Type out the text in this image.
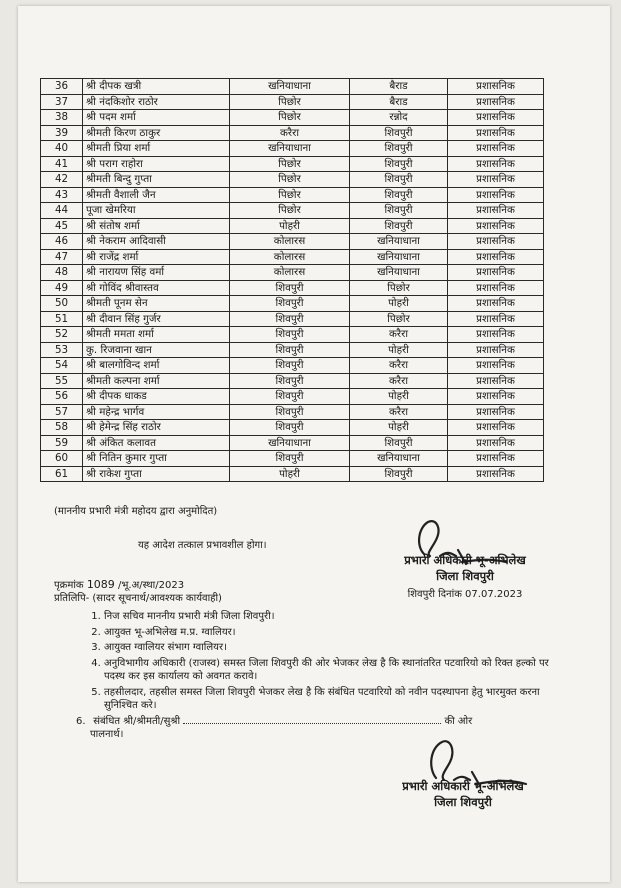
36	श्री दीपक खत्री	खनियाधाना	बैराड	प्रशासनिक
37	श्री नंदकिशोर राठोर	पिछोर	बैराड	प्रशासनिक
38	श्री पदम शर्मा	पिछोर	रन्नोद	प्रशासनिक
39	श्रीमती किरण ठाकुर	करैरा	शिवपुरी	प्रशासनिक
40	श्रीमती प्रिया शर्मा	खनियाधाना	शिवपुरी	प्रशासनिक
41	श्री पराग राहोरा	पिछोर	शिवपुरी	प्रशासनिक
42	श्रीमती बिन्दु गुप्ता	पिछोर	शिवपुरी	प्रशासनिक
43	श्रीमती वैशाली जैन	पिछोर	शिवपुरी	प्रशासनिक
44	पूजा खेमरिया	पिछोर	शिवपुरी	प्रशासनिक
45	श्री संतोष शर्मा	पोहरी	शिवपुरी	प्रशासनिक
46	श्री नेकराम आदिवासी	कोलारस	खनियाधाना	प्रशासनिक
47	श्री राजेंद्र शर्मा	कोलारस	खनियाधाना	प्रशासनिक
48	श्री नारायण सिंह वर्मा	कोलारस	खनियाधाना	प्रशासनिक
49	श्री गोविंद श्रीवास्तव	शिवपुरी	पिछोर	प्रशासनिक
50	श्रीमती पूनम सेन	शिवपुरी	पोहरी	प्रशासनिक
51	श्री दीवान सिंह गुर्जर	शिवपुरी	पिछोर	प्रशासनिक
52	श्रीमती ममता शर्मा	शिवपुरी	करैरा	प्रशासनिक
53	कु. रिजवाना खान	शिवपुरी	पोहरी	प्रशासनिक
54	श्री बालगोविन्द शर्मा	शिवपुरी	करैरा	प्रशासनिक
55	श्रीमती कल्पना शर्मा	शिवपुरी	करैरा	प्रशासनिक
56	श्री दीपक धाकड	शिवपुरी	पोहरी	प्रशासनिक
57	श्री महेन्द्र भार्गव	शिवपुरी	करैरा	प्रशासनिक
58	श्री हेमेन्द्र सिंह राठोर	शिवपुरी	पोहरी	प्रशासनिक
59	श्री अंकित कलावत	खनियाधाना	शिवपुरी	प्रशासनिक
60	श्री नितिन कुमार गुप्ता	शिवपुरी	खनियाधाना	प्रशासनिक
61	श्री राकेश गुप्ता	पोहरी	शिवपुरी	प्रशासनिक
(माननीय प्रभारी मंत्री महोदय द्वारा अनुमोदित)
यह आदेश तत्काल प्रभावशील होगा।
प्रभारी अधिकारी भू-अभिलेख
जिला शिवपुरी
शिवपुरी दिनांक 07.07.2023
पृक्रमांक 1089 /भू.अ/स्था/2023
प्रतिलिपि- (सादर सूचनार्थ/आवश्यक कार्यवाही)
1. निज सचिव माननीय प्रभारी मंत्री जिला शिवपुरी।
2. आयुक्त भू-अभिलेख म.प्र. ग्वालियर।
3. आयुक्त ग्वालियर संभाग ग्वालियर।
4. अनुविभागीय अधिकारी (राजस्व) समस्त जिला शिवपुरी की ओर भेजकर लेख है कि स्थानांतरित पटवारियो को रिक्त हल्को पर पदस्थ कर इस कार्यालय को अवगत करावे।
5. तहसीलदार, तहसील समस्त जिला शिवपुरी भेजकर लेख है कि संबंधित पटवारियो को नवीन पदस्थापना हेतु भारमुक्त करना सुनिश्चित करे।
6. संबंधित श्री/श्रीमती/सुश्री	की ओर
पालनार्थ।
प्रभारी अधिकारी भू-अभिलेख
जिला शिवपुरी
